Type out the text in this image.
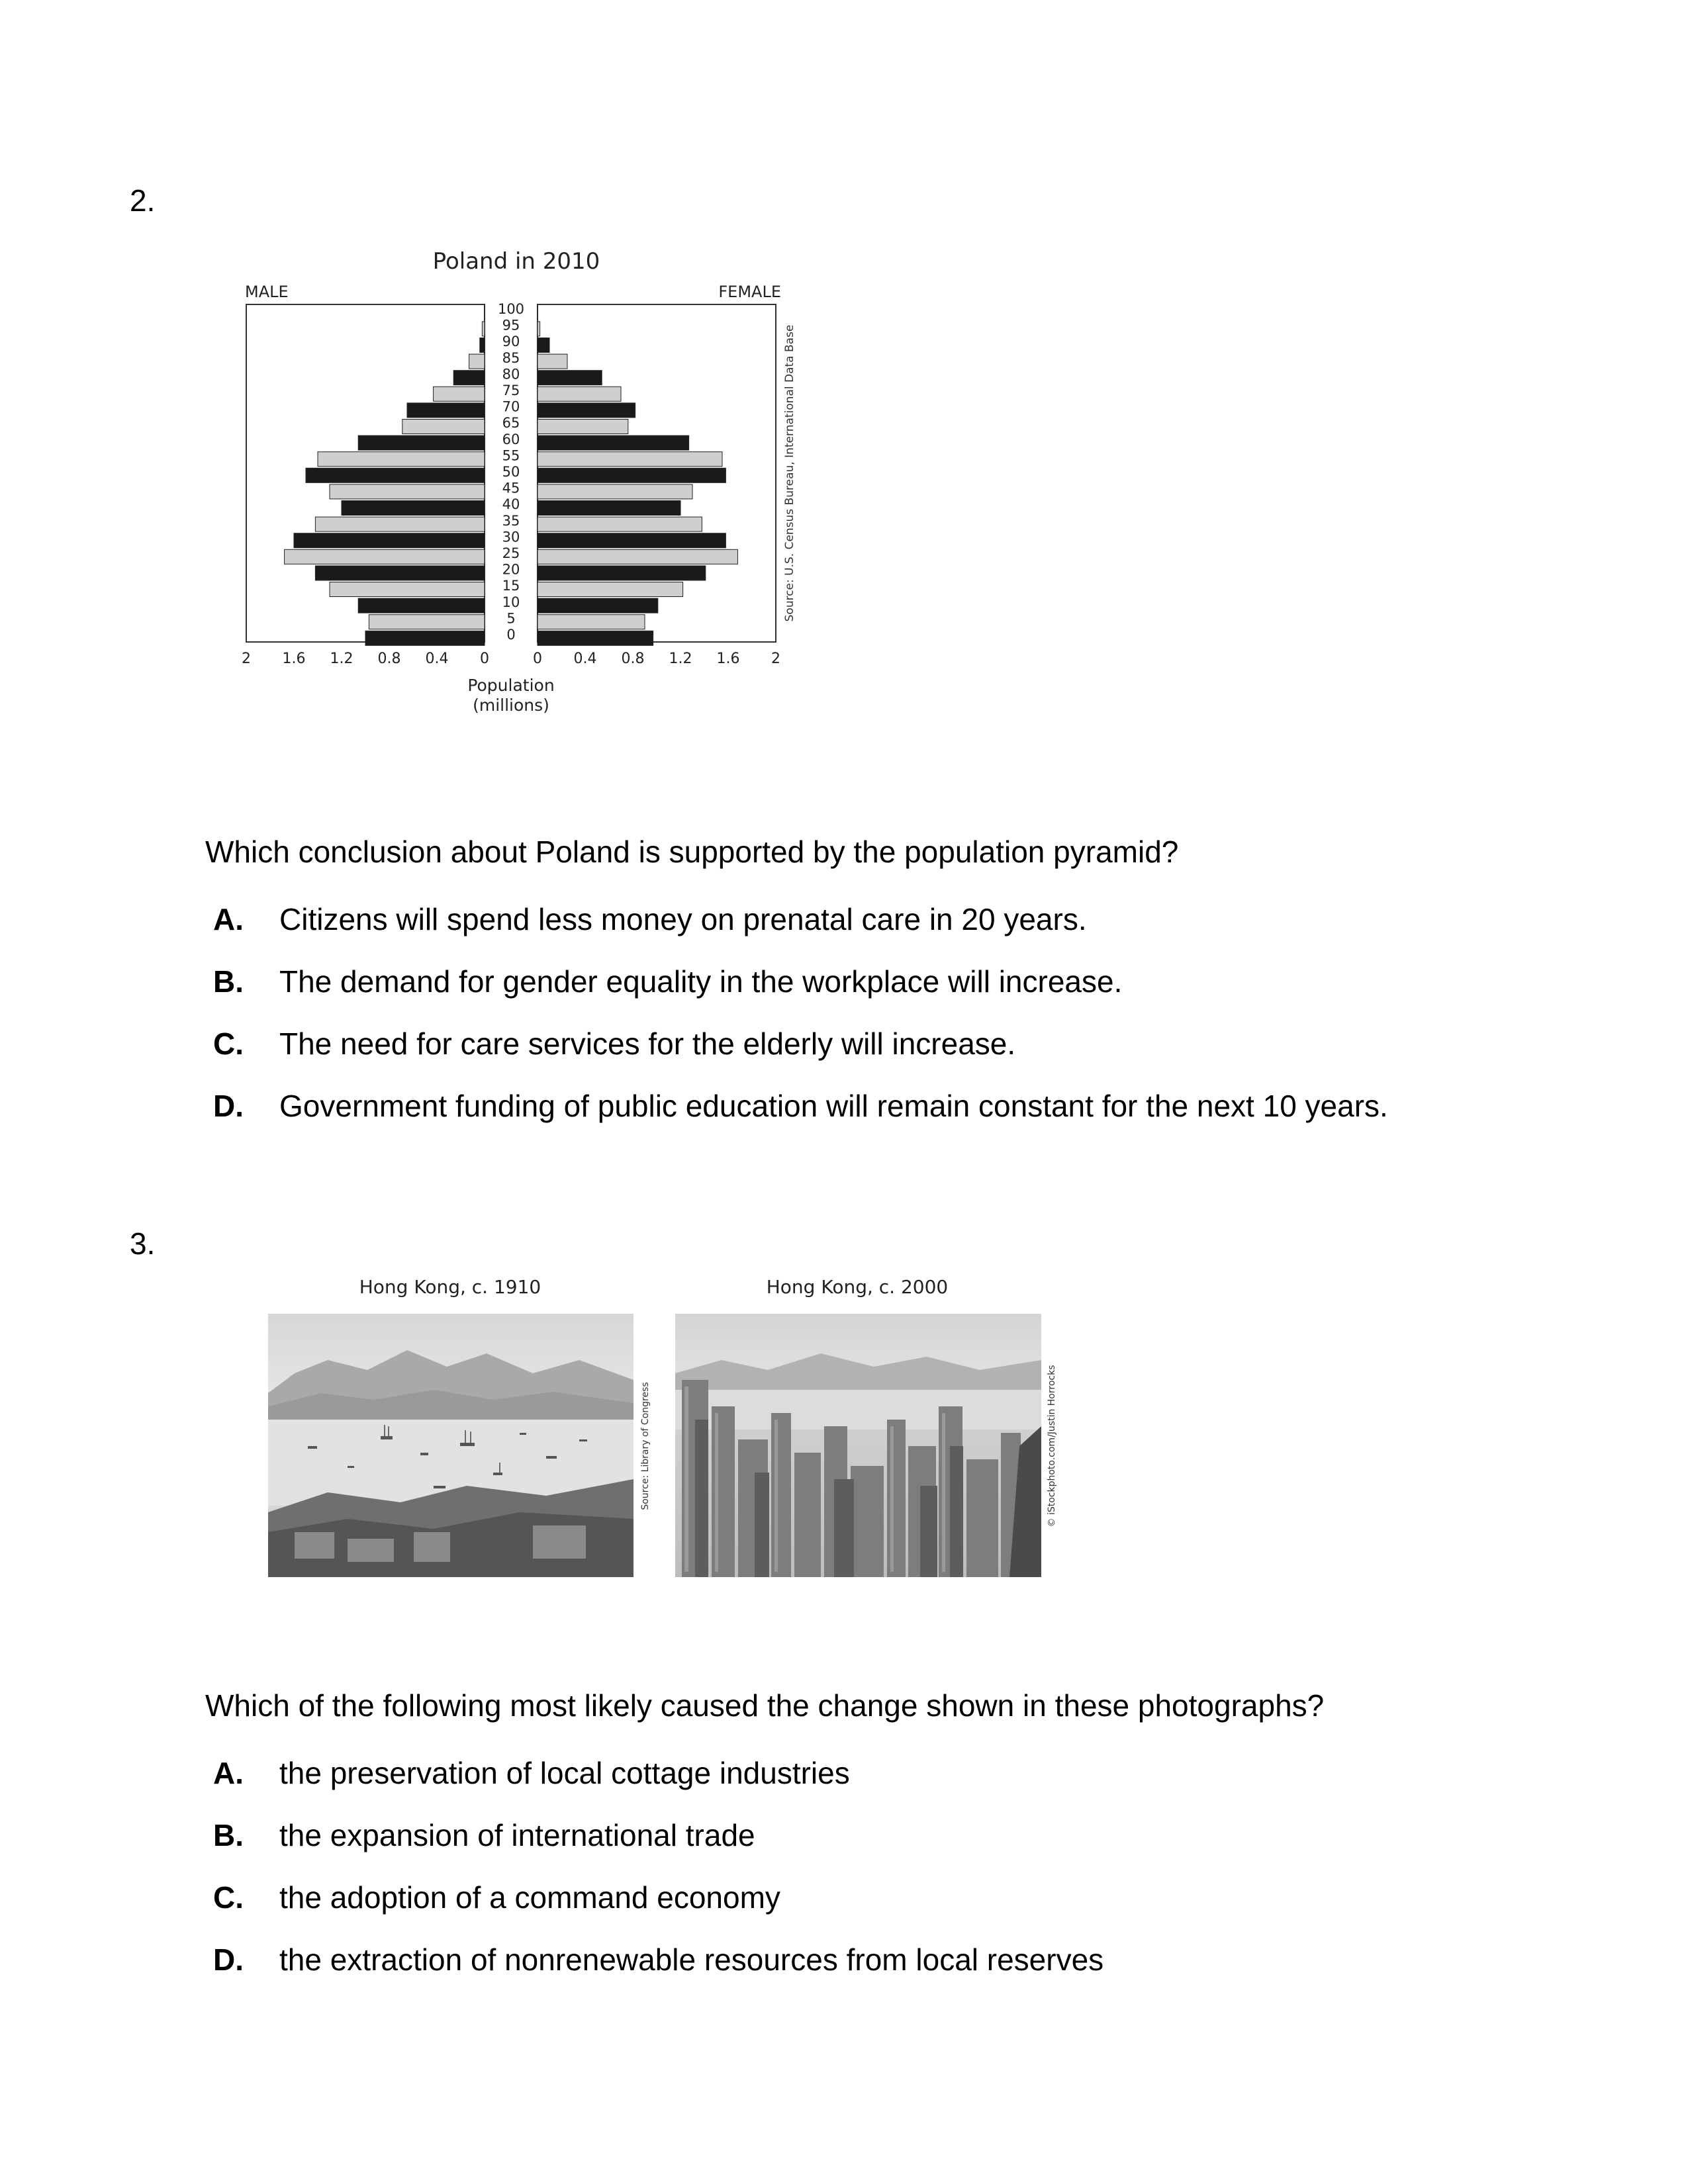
2.
Poland in 2010
MALE	FEMALE
100
95
90
85
80
75
70
65
60
55
50
45
40
35
30
25
20
15
10
5
0
2 1.6 1.2 0.8 0.4 0	0 0.4 0.8 1.2 1.6 2
Population
(millions)
Source: U.S. Census Bureau, International Data Base
Which conclusion about Poland is supported by the population pyramid?
A. Citizens will spend less money on prenatal care in 20 years.
B. The demand for gender equality in the workplace will increase.
C. The need for care services for the elderly will increase.
D. Government funding of public education will remain constant for the next 10 years.
3.
Hong Kong, c. 1910	Hong Kong, c. 2000
Source: Library of Congress	© iStockphoto.com/Justin Horrocks
Which of the following most likely caused the change shown in these photographs?
A. the preservation of local cottage industries
B. the expansion of international trade
C. the adoption of a command economy
D. the extraction of nonrenewable resources from local reserves
